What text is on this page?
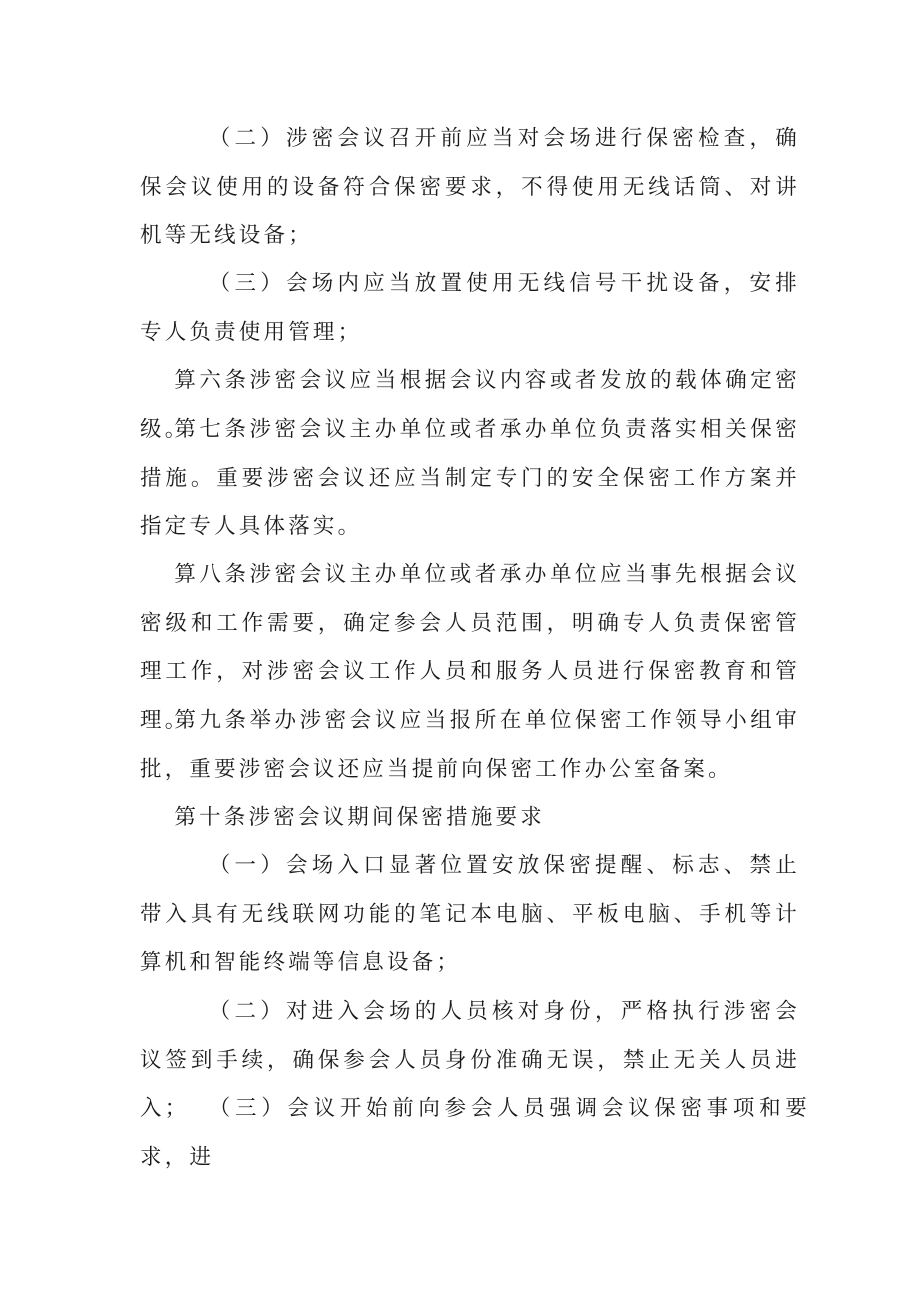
（二）涉密会议召开前应当对会场进行保密检查，确保会议使用的设备符合保密要求，不得使用无线话筒、对讲机等无线设备；

（三）会场内应当放置使用无线信号干扰设备，安排专人负责使用管理；

算六条涉密会议应当根据会议内容或者发放的载体确定密级。

第七条涉密会议主办单位或者承办单位负责落实相关保密措施。重要涉密会议还应当制定专门的安全保密工作方案并指定专人具体落实。

算八条涉密会议主办单位或者承办单位应当事先根据会议密级和工作需要，确定参会人员范围，明确专人负责保密管理工作，对涉密会议工作人员和服务人员进行保密教育和管理。

第九条举办涉密会议应当报所在单位保密工作领导小组审批，重要涉密会议还应当提前向保密工作办公室备案。

第十条涉密会议期间保密措施要求

（一）会场入口显著位置安放保密提醒、标志、禁止带入具有无线联网功能的笔记本电脑、平板电脑、手机等计算机和智能终端等信息设备；

（二）对进入会场的人员核对身份，严格执行涉密会议签到手续，确保参会人员身份准确无误，禁止无关人员进入； （三）会议开始前向参会人员强调会议保密事项和要求，进
